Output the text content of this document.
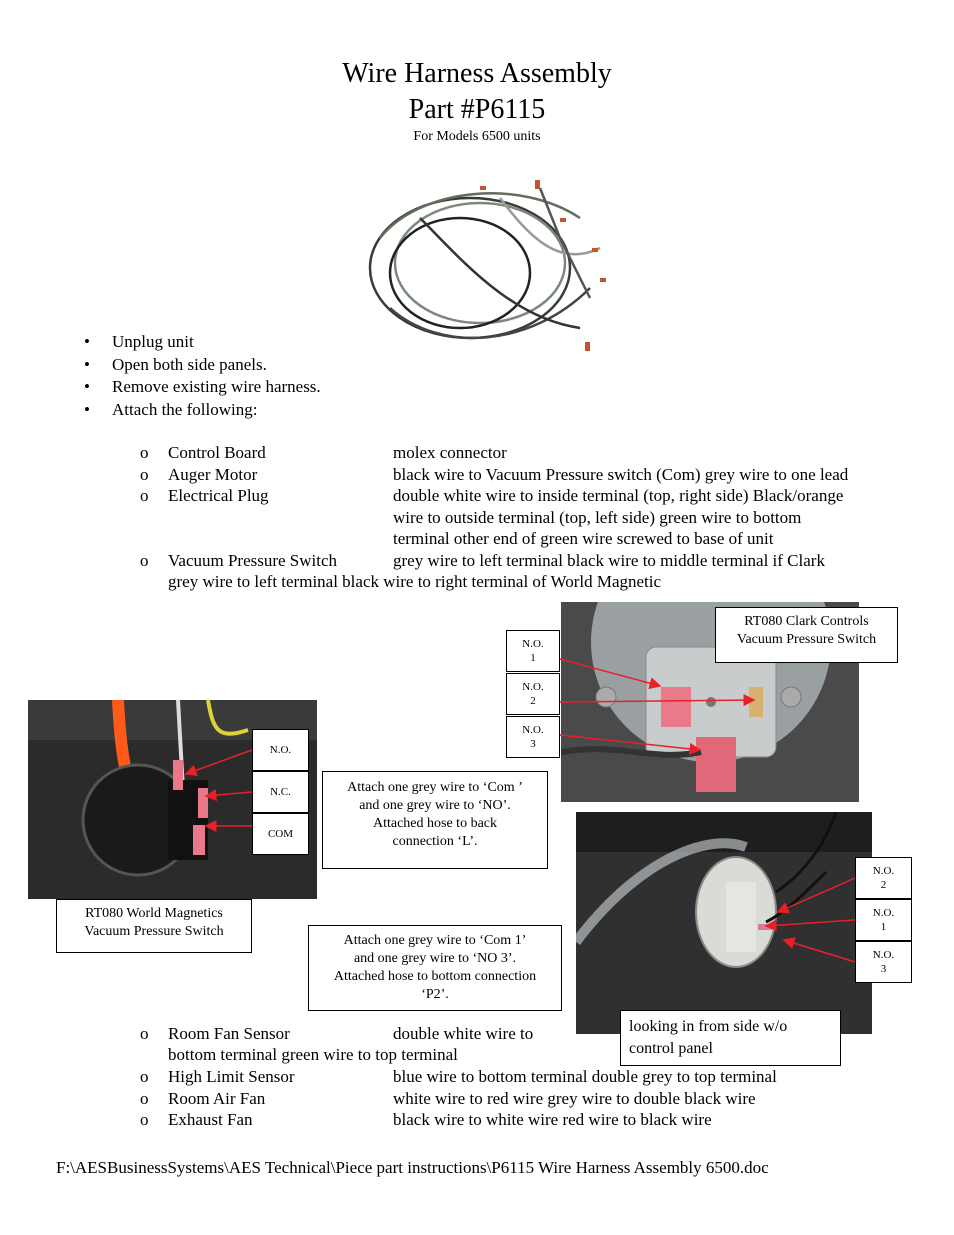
Wire Harness Assembly
Part #P6115
For Models 6500 units
• Unplug unit
• Open both side panels.
• Remove existing wire harness.
• Attach the following:
o Control Board	molex connector
o Auger Motor	black wire to Vacuum Pressure switch (Com) grey wire to one lead
o Electrical Plug	double white wire to inside terminal (top, right side) Black/orange
wire to outside terminal (top, left side) green wire to bottom
terminal other end of green wire screwed to base of unit
o Vacuum Pressure Switch	grey wire to left terminal black wire to middle terminal if Clark
grey wire to left terminal black wire to right terminal of World Magnetic
RT080 Clark Controls
Vacuum Pressure Switch
N.O.
1
N.O.
2
N.O.
3
N.O.
N.C.
COM
RT080 World Magnetics
Vacuum Pressure Switch
Attach one grey wire to ‘Com ’
and one grey wire to ‘NO’.
Attached hose to back
connection ‘L’.
N.O.
2
N.O.
1
N.O.
3
looking in from side w/o
control panel
Attach one grey wire to ‘Com 1’
and one grey wire to ‘NO 3’.
Attached hose to bottom connection
‘P2’.
o Room Fan Sensor	double white wire to
bottom terminal green wire to top terminal
o High Limit Sensor	blue wire to bottom terminal double grey to top terminal
o Room Air Fan	white wire to red wire grey wire to double black wire
o Exhaust Fan	black wire to white wire red wire to black wire
F:\AESBusinessSystems\AES Technical\Piece part instructions\P6115 Wire Harness Assembly 6500.doc
